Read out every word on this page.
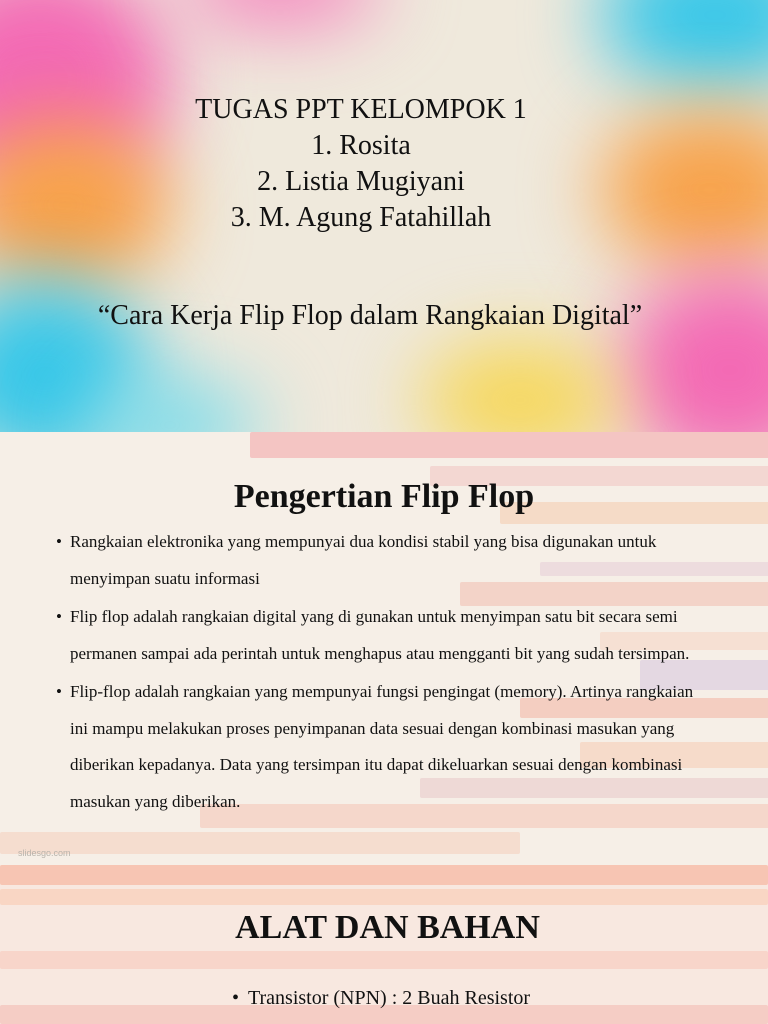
TUGAS PPT KELOMPOK 1
1. Rosita
2. Listia Mugiyani
3. M. Agung Fatahillah
“Cara Kerja Flip Flop dalam Rangkaian Digital”
Pengertian Flip Flop
• Rangkaian elektronika yang mempunyai dua kondisi stabil yang bisa digunakan untuk menyimpan suatu informasi
• Flip flop adalah rangkaian digital yang di gunakan untuk menyimpan satu bit secara semi permanen sampai ada perintah untuk menghapus atau mengganti bit yang sudah tersimpan.
• Flip-flop adalah rangkaian yang mempunyai fungsi pengingat (memory). Artinya rangkaian ini mampu melakukan proses penyimpanan data sesuai dengan kombinasi masukan yang diberikan kepadanya. Data yang tersimpan itu dapat dikeluarkan sesuai dengan kombinasi masukan yang diberikan.
slidesgo.com
ALAT DAN BAHAN
• Transistor (NPN) : 2 Buah Resistor
